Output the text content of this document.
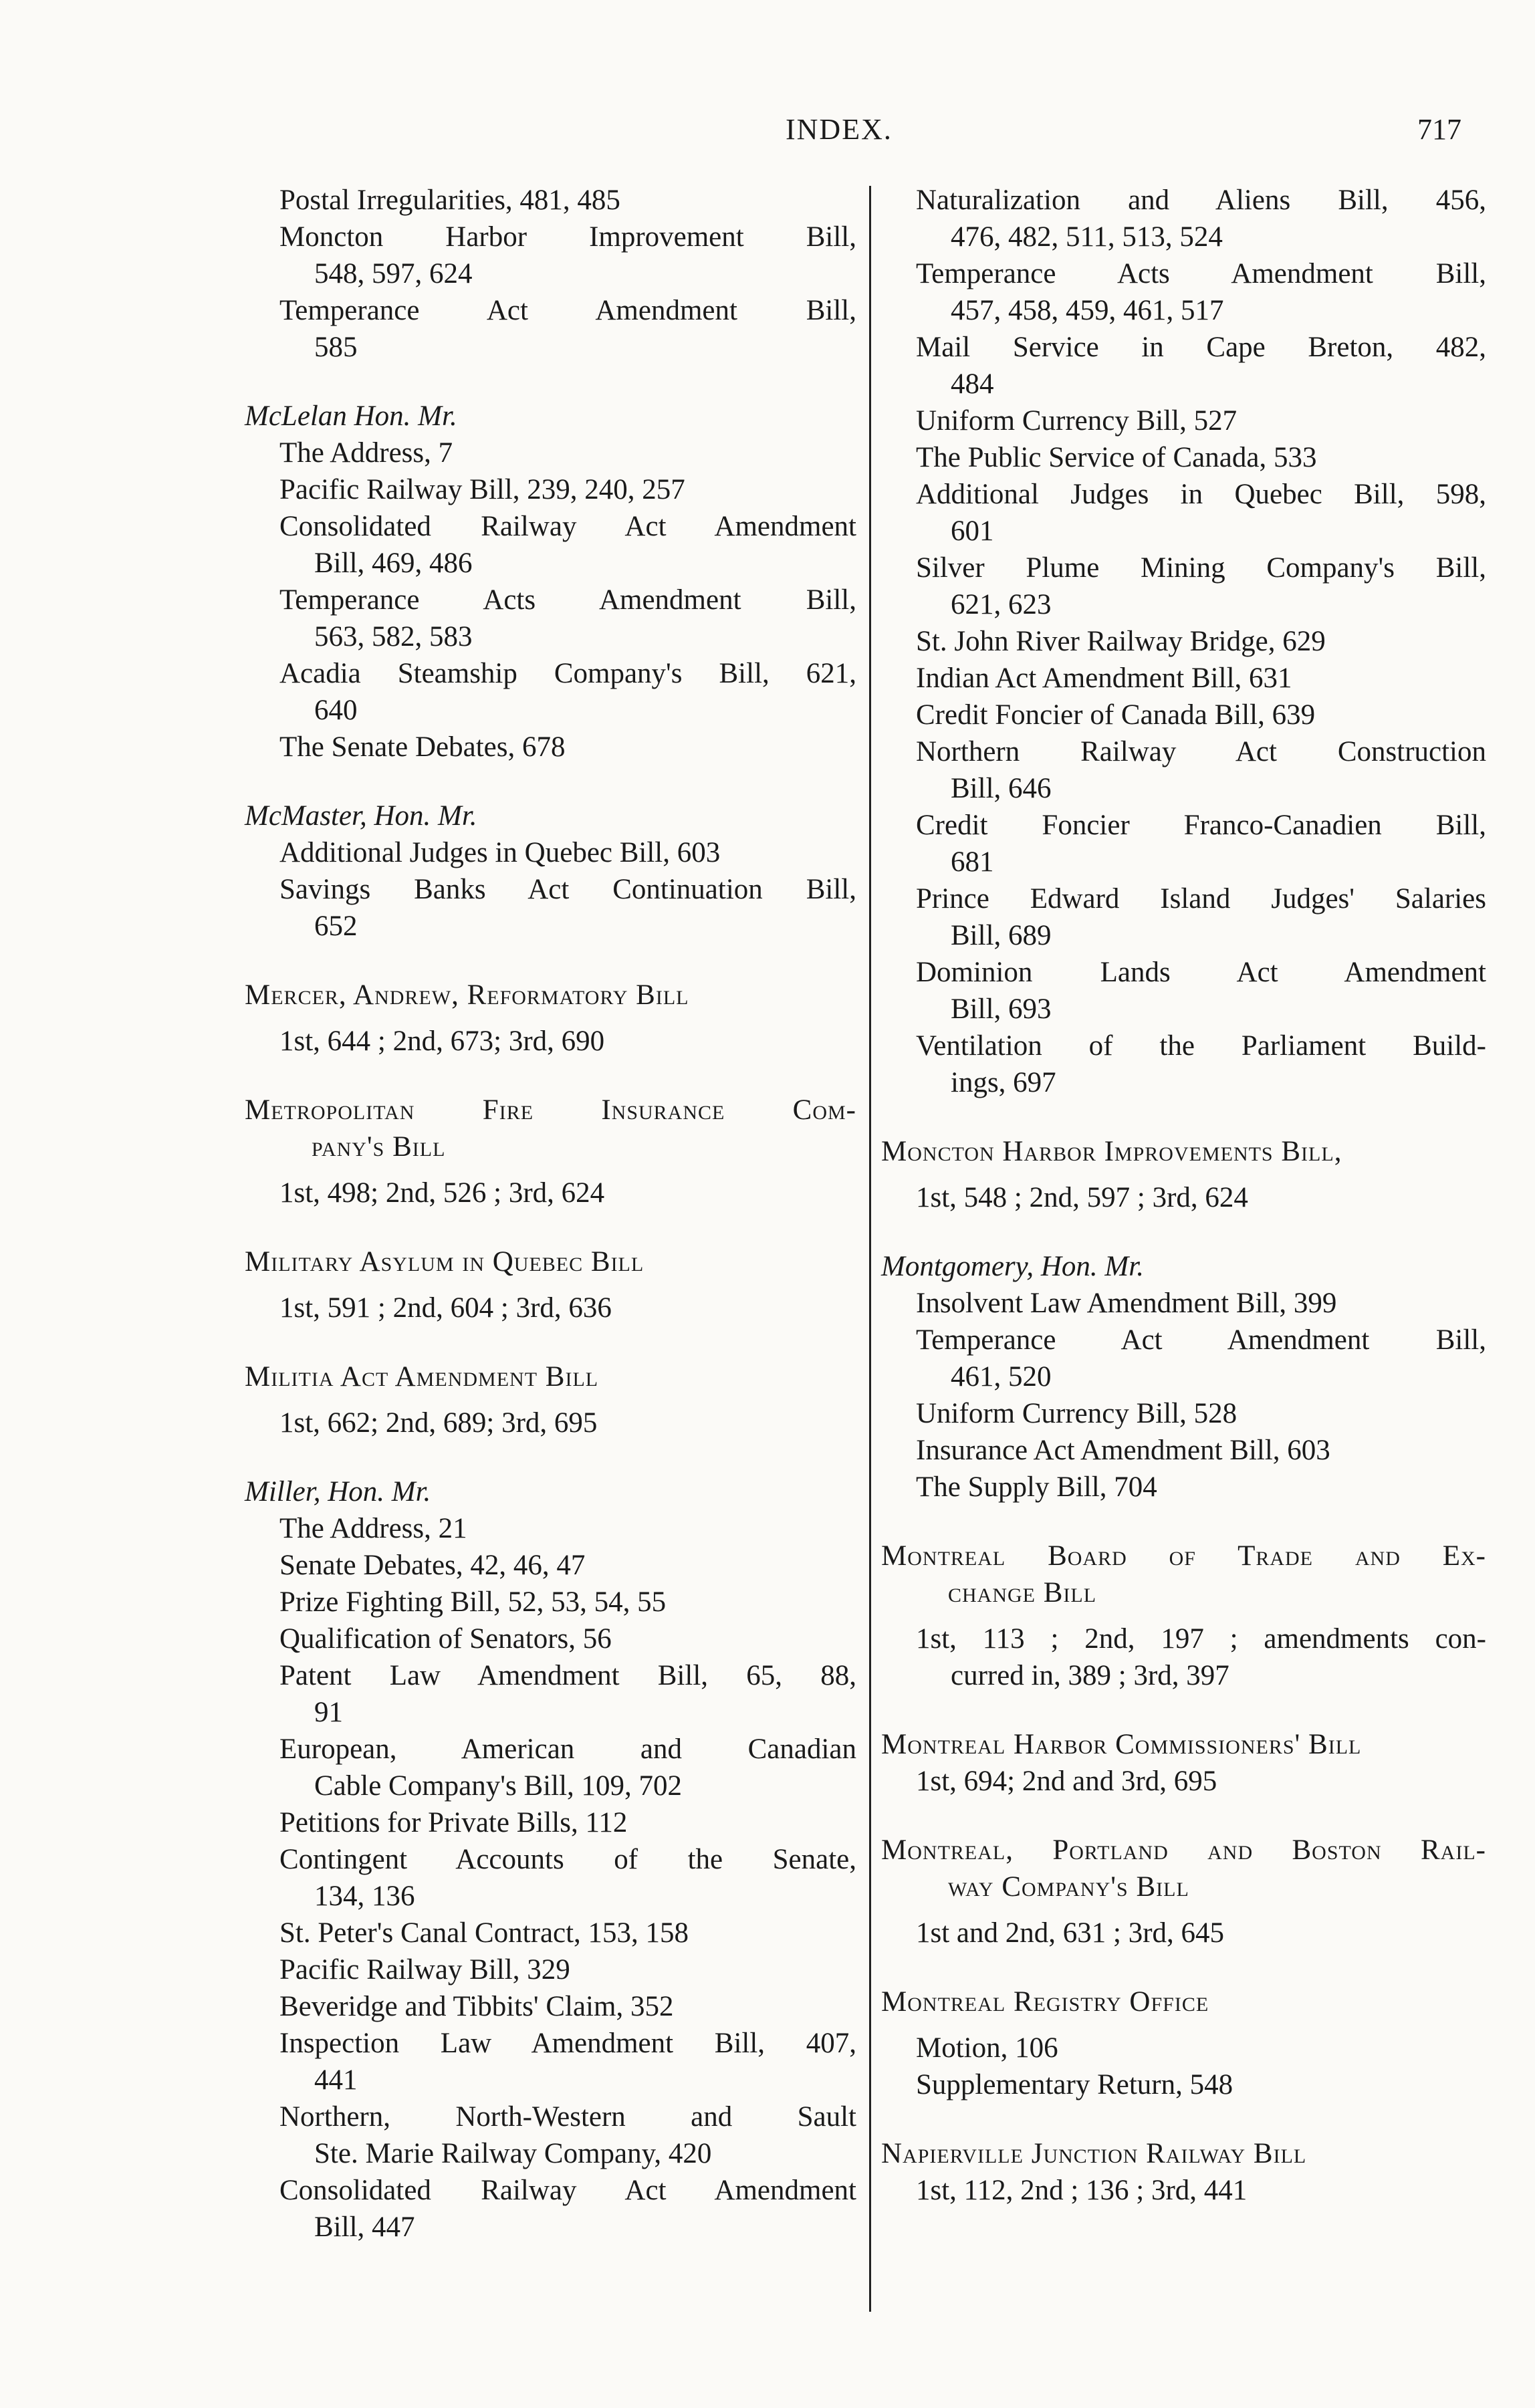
INDEX.	717
Postal Irregularities, 481, 485
Moncton Harbor Improvement Bill,
548, 597, 624
Temperance Act Amendment Bill,
585
McLelan Hon. Mr.
The Address, 7
Pacific Railway Bill, 239, 240, 257
Consolidated Railway Act Amendment
Bill, 469, 486
Temperance Acts Amendment Bill,
563, 582, 583
Acadia Steamship Company's Bill, 621,
640
The Senate Debates, 678
McMaster, Hon. Mr.
Additional Judges in Quebec Bill, 603
Savings Banks Act Continuation Bill,
652
Mercer, Andrew, Reformatory Bill
1st, 644 ; 2nd, 673; 3rd, 690
Metropolitan Fire Insurance Com-
pany's Bill
1st, 498; 2nd, 526 ; 3rd, 624
Military Asylum in Quebec Bill
1st, 591 ; 2nd, 604 ; 3rd, 636
Militia Act Amendment Bill
1st, 662; 2nd, 689; 3rd, 695
Miller, Hon. Mr.
The Address, 21
Senate Debates, 42, 46, 47
Prize Fighting Bill, 52, 53, 54, 55
Qualification of Senators, 56
Patent Law Amendment Bill, 65, 88,
91
European, American and Canadian
Cable Company's Bill, 109, 702
Petitions for Private Bills, 112
Contingent Accounts of the Senate,
134, 136
St. Peter's Canal Contract, 153, 158
Pacific Railway Bill, 329
Beveridge and Tibbits' Claim, 352
Inspection Law Amendment Bill, 407,
441
Northern, North-Western and Sault
Ste. Marie Railway Company, 420
Consolidated Railway Act Amendment
Bill, 447
Naturalization and Aliens Bill, 456,
476, 482, 511, 513, 524
Temperance Acts Amendment Bill,
457, 458, 459, 461, 517
Mail Service in Cape Breton, 482,
484
Uniform Currency Bill, 527
The Public Service of Canada, 533
Additional Judges in Quebec Bill, 598,
601
Silver Plume Mining Company's Bill,
621, 623
St. John River Railway Bridge, 629
Indian Act Amendment Bill, 631
Credit Foncier of Canada Bill, 639
Northern Railway Act Construction
Bill, 646
Credit Foncier Franco-Canadien Bill,
681
Prince Edward Island Judges' Salaries
Bill, 689
Dominion Lands Act Amendment
Bill, 693
Ventilation of the Parliament Build-
ings, 697
Moncton Harbor Improvements Bill,
1st, 548 ; 2nd, 597 ; 3rd, 624
Montgomery, Hon. Mr.
Insolvent Law Amendment Bill, 399
Temperance Act Amendment Bill,
461, 520
Uniform Currency Bill, 528
Insurance Act Amendment Bill, 603
The Supply Bill, 704
Montreal Board of Trade and Ex-
change Bill
1st, 113 ; 2nd, 197 ; amendments con-
curred in, 389 ; 3rd, 397
Montreal Harbor Commissioners' Bill
1st, 694; 2nd and 3rd, 695
Montreal, Portland and Boston Rail-
way Company's Bill
1st and 2nd, 631 ; 3rd, 645
Montreal Registry Office
Motion, 106
Supplementary Return, 548
Napierville Junction Railway Bill
1st, 112, 2nd ; 136 ; 3rd, 441
